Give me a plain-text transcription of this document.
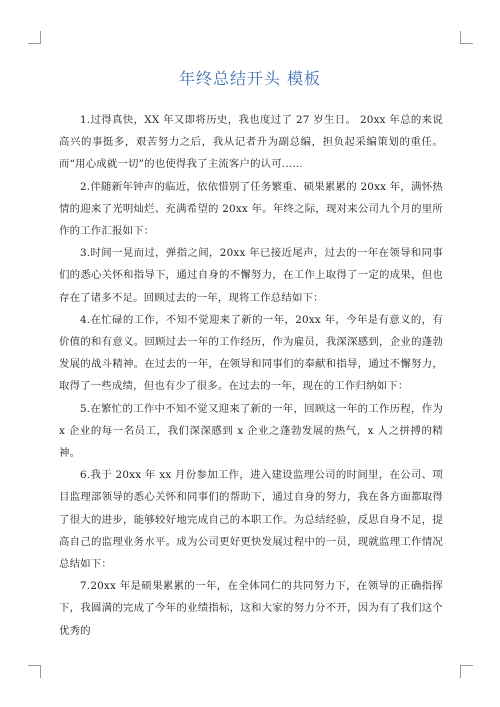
年终总结开头 模板

1.过得真快，XX 年又即将历史，我也度过了 27 岁生日。 20xx 年总的来说高兴的事挺多，艰苦努力之后，我从记者升为副总编，担负起采编策划的重任。而“用心成就一切”的也使得我了主流客户的认可……

2.伴随新年钟声的临近，依依惜别了任务繁重、硕果累累的 20xx 年，满怀热情的迎来了光明灿烂、充满希望的 20xx 年。年终之际，现对来公司九个月的里所作的工作汇报如下：

3.时间一晃而过，弹指之间，20xx 年已接近尾声，过去的一年在领导和同事们的悉心关怀和指导下，通过自身的不懈努力，在工作上取得了一定的成果，但也存在了诸多不足。回顾过去的一年，现将工作总结如下：

4.在忙碌的工作，不知不觉迎来了新的一年，20xx 年，今年是有意义的，有价值的和有意义。回顾过去一年的工作经历，作为雇员，我深深感到，企业的蓬勃发展的战斗精神。在过去的一年，在领导和同事们的奉献和指导，通过不懈努力，取得了一些成绩，但也有少了很多。在过去的一年，现在的工作归纳如下：

5.在繁忙的工作中不知不觉又迎来了新的一年，回顾这一年的工作历程，作为 x 企业的每一名员工，我们深深感到 x 企业之蓬勃发展的热气，x 人之拼搏的精神。

6.我于 20xx 年 xx 月份参加工作，进入建设监理公司的时间里，在公司、项目监理部领导的悉心关怀和同事们的帮助下，通过自身的努力，我在各方面都取得了很大的进步，能够较好地完成自己的本职工作。为总结经验，反思自身不足，提高自己的监理业务水平。成为公司更好更快发展过程中的一员，现就监理工作情况总结如下：

7.20xx 年是硕果累累的一年，在全体同仁的共同努力下，在领导的正确指挥下，我圆满的完成了今年的业绩指标，这和大家的努力分不开，因为有了我们这个优秀的
